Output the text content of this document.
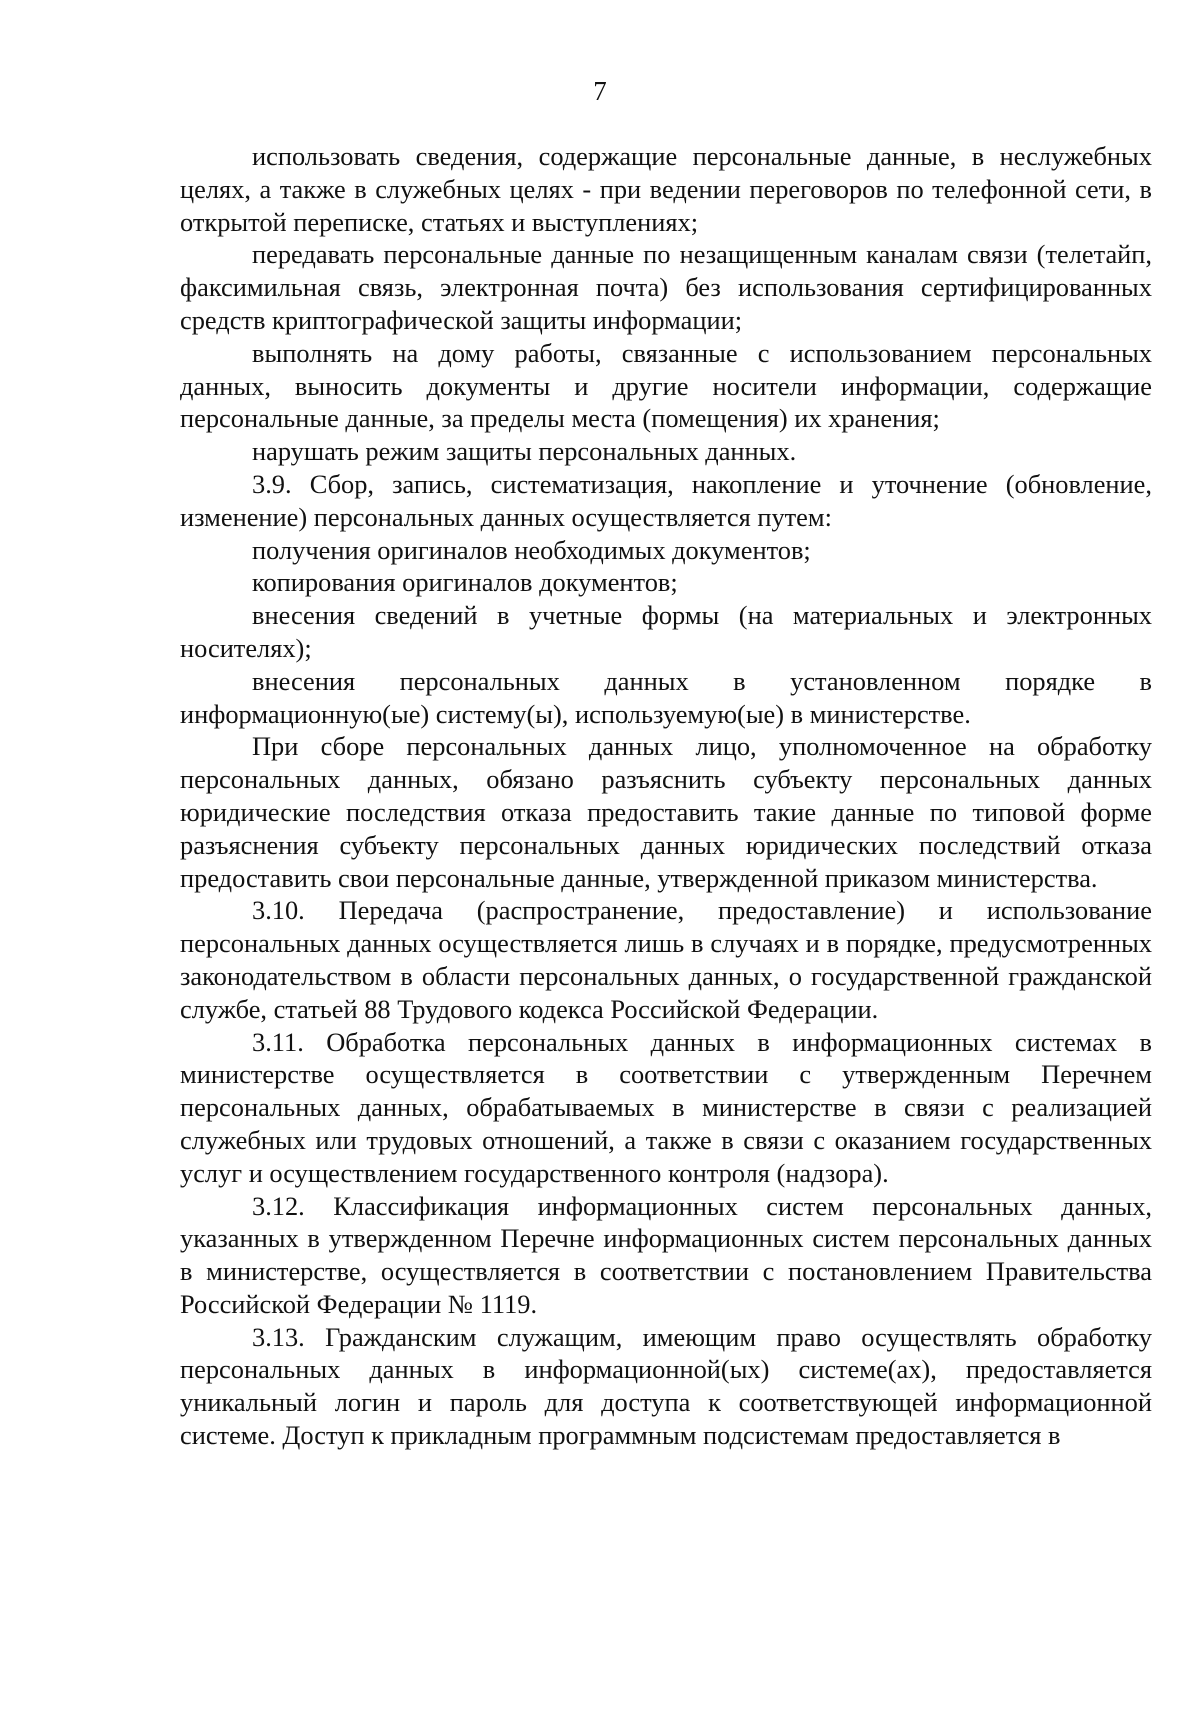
7

использовать сведения, содержащие персональные данные, в неслужебных целях, а также в служебных целях - при ведении переговоров по телефонной сети, в открытой переписке, статьях и выступлениях;

передавать персональные данные по незащищенным каналам связи (телетайп, факсимильная связь, электронная почта) без использования сертифицированных средств криптографической защиты информации;

выполнять на дому работы, связанные с использованием персональных данных, выносить документы и другие носители информации, содержащие персональные данные, за пределы места (помещения) их хранения;

нарушать режим защиты персональных данных.

3.9. Сбор, запись, систематизация, накопление и уточнение (обновление, изменение) персональных данных осуществляется путем:

получения оригиналов необходимых документов;

копирования оригиналов документов;

внесения сведений в учетные формы (на материальных и электронных носителях);

внесения персональных данных в установленном порядке в информационную(ые) систему(ы), используемую(ые) в министерстве.

При сборе персональных данных лицо, уполномоченное на обработку персональных данных, обязано разъяснить субъекту персональных данных юридические последствия отказа предоставить такие данные по типовой форме разъяснения субъекту персональных данных юридических последствий отказа предоставить свои персональные данные, утвержденной приказом министерства.

3.10. Передача (распространение, предоставление) и использование персональных данных осуществляется лишь в случаях и в порядке, предусмотренных законодательством в области персональных данных, о государственной гражданской службе, статьей 88 Трудового кодекса Российской Федерации.

3.11. Обработка персональных данных в информационных системах в министерстве осуществляется в соответствии с утвержденным Перечнем персональных данных, обрабатываемых в министерстве в связи с реализацией служебных или трудовых отношений, а также в связи с оказанием государственных услуг и осуществлением государственного контроля (надзора).

3.12. Классификация информационных систем персональных данных, указанных в утвержденном Перечне информационных систем персональных данных в министерстве, осуществляется в соответствии с постановлением Правительства Российской Федерации № 1119.

3.13. Гражданским служащим, имеющим право осуществлять обработку персональных данных в информационной(ых) системе(ах), предоставляется уникальный логин и пароль для доступа к соответствующей информационной системе. Доступ к прикладным программным подсистемам предоставляется в
